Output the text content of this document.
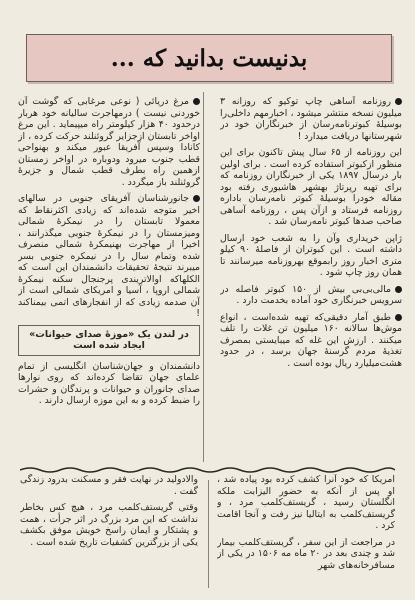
بدنیست بدانید که ...

روزنامه آساهی چاپ توکیو که روزانه ۳ میلیون نسخه منتشر میشود ، اخبارمهم داخلی‌را بوسیلهٔ کبوترنامه‌رسان از خبرنگاران خود در شهرستانها دریافت میدارد !

این روزنامه از ۶۵ سال پیش تاکنون برای این منظور ازکبوتر استفاده کرده است . برای اولین بار درسال ۱۸۹۷ یکی از خبرنگاران روزنامه که برای تهیه رپرتاژ بهشهر هاشیوری رفته بود مقاله خودرا بوسیلهٔ کبوتر نامه‌رسان باداره روزنامه فرستاد و ازآن پس ، روزنامه آساهی صاحب صدها کبوتر نامه‌رسان شد .

ژاپن خریداری وآن را به شعب خود ارسال داشته است . این کبوتران از فاصلهٔ ۹۰ کیلو متری اخبار روز رابموقع بهروزنامه میرسانند تا همان روز چاپ شود .

مالی‌بی‌بی بیش از ۱۵۰ کبوتر فاصله در سرویس خبرنگاری خود آماده بخدمت دارد .

طبق آمار دقیقی‌که تهیه شده‌است ، انواع موش‌ها سالانه ۱۶۰ میلیون تن غلات را تلف میکنند . ارزش این غله که میبایستی بمصرف تغذیهٔ مردم گرسنهٔ جهان برسد ، در حدود هشت‌میلیارد ریال بوده است .

مرغ دریائی ( نوعی مرغابی که گوشت آن خوردنی نیست ) درمهاجرت سالیانه خود هربار درحدود ۴۰ هزار کیلومتر راه میپیماید . این مرغ اواخر تابستان ازجزایر گروئنلند حرکت کرده ، از کانادا وسپس آفریقا عبور میکند و بهنواحی قطب جنوب میرود ودوباره در اواخر زمستان ازهمین راه بطرف قطب شمال و جزیرهٔ گروئنلند باز میگردد .

جانورشناسان آفریقای جنوبی در سالهای اخیر متوجه شده‌اند که زیادی اکثرنقاط که معمولا تابستان را در نیمکرهٔ شمالی ومیزمستان را در نیمکرهٔ جنوبی میگذرانند ، اخیرا از مهاجرت بهنیمکرهٔ شمالی منصرف شده وتمام سال را در نیمکره جنوبی بسر میبرند نتیجهٔ تحقیقات دانشمندان این است که الکلهاکه اوالاتریندی پرجنجال سکنه نیمکرهٔ شمالی اروپا ، آسیا و امریکای شمالی است از آن صدمه زیادی که از انفجارهای اتمی بیمناکند !

در لندن یک «موزهٔ صدای حیوانات» ایجاد شده است

دانشمندان و جهان‌شناسان انگلیسی از تمام علمای جهان تقاضا کرده‌اند که روی نوارها صدای جانوران و حیوانات و پرندگان و حشرات را ضبط کرده و به این موزه ارسال دارند .

امریکا که خود آنرا کشف کرده بود پیاده شد ، او پس از آنکه به حضور الیزابت ملکه انگلستان رسید ، گریستف‌کلمب مرد ، و گریستف‌کلمب به ایتالیا نیز رفت و آنجا اقامت کرد .

در مراجعت از این سفر ، گریستف‌کلمب بیمار شد و چندی بعد در ۲۰ ماه مه ۱۵۰۶ در یکی از مسافرخانه‌های شهر

والادولید در نهایت فقر و مسکنت بدرود زندگی گفت .

وقتی گریستف‌کلمب مرد ، هیچ کس بخاطر نداشت که این مرد بزرگ در اثر جرأت ، همت و پشتکار و ایمان راسخ خویش موفق بکشف یکی از بزرگترین کشفیات تاریخ شده است .
